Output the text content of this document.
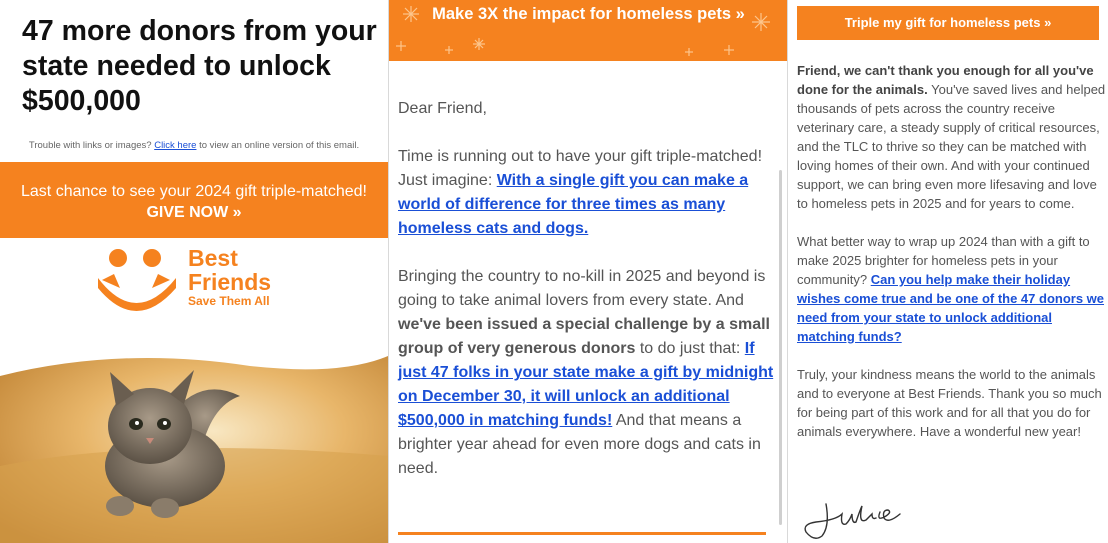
47 more donors from your state needed to unlock $500,000
Trouble with links or images? Click here to view an online version of this email.
Last chance to see your 2024 gift triple-matched! GIVE NOW »
Best
Friends
Save Them All
Make 3X the impact for homeless pets »

Dear Friend,

Time is running out to have your gift triple-matched! Just imagine: With a single gift you can make a world of difference for three times as many homeless cats and dogs.

Bringing the country to no-kill in 2025 and beyond is going to take animal lovers from every state. And we've been issued a special challenge by a small group of very generous donors to do just that: If just 47 folks in your state make a gift by midnight on December 30, it will unlock an additional $500,000 in matching funds! And that means a brighter year ahead for even more dogs and cats in need.

Triple my gift for homeless pets »

Friend, we can't thank you enough for all you've done for the animals. You've saved lives and helped thousands of pets across the country receive veterinary care, a steady supply of critical resources, and the TLC to thrive so they can be matched with loving homes of their own. And with your continued support, we can bring even more lifesaving and love to homeless pets in 2025 and for years to come.

What better way to wrap up 2024 than with a gift to make 2025 brighter for homeless pets in your community? Can you help make their holiday wishes come true and be one of the 47 donors we need from your state to unlock additional matching funds?

Truly, your kindness means the world to the animals and to everyone at Best Friends. Thank you so much for being part of this work and for all that you do for animals everywhere. Have a wonderful new year!
